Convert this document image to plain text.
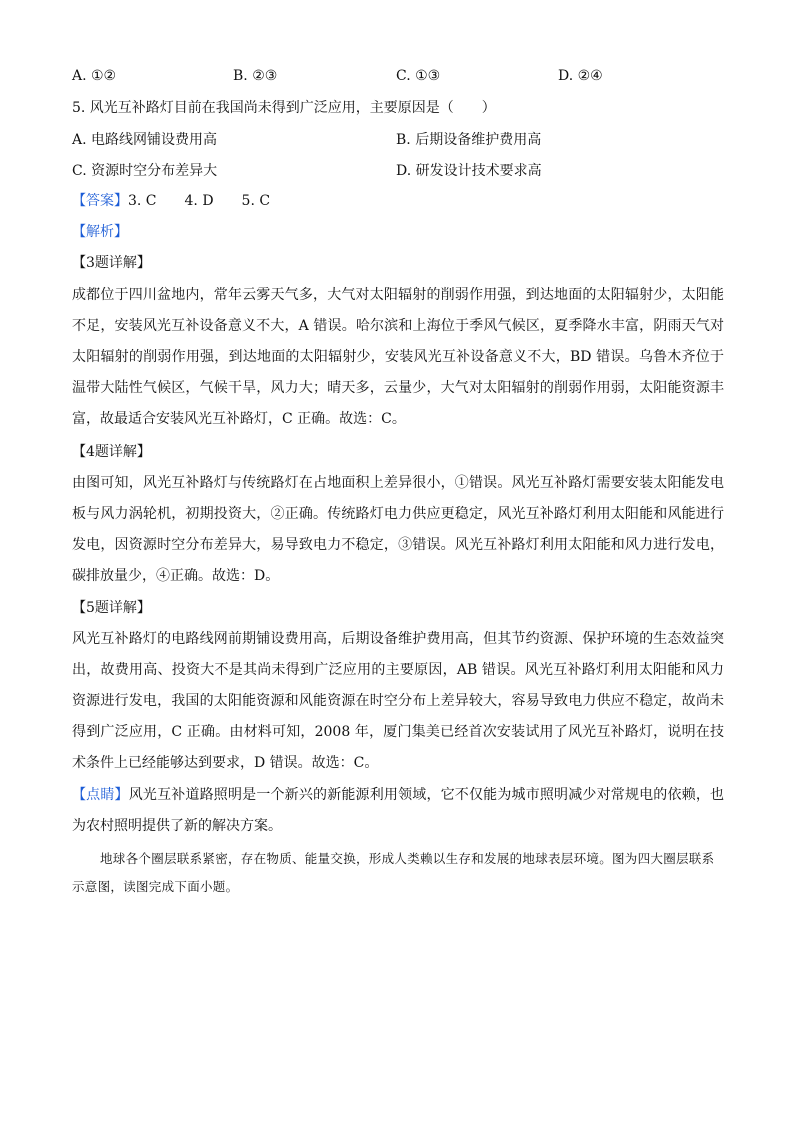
A. ①②	B. ②③	C. ①③	D. ②④
5. 风光互补路灯目前在我国尚未得到广泛应用，主要原因是（　　）
A. 电路线网铺设费用高	B. 后期设备维护费用高
C. 资源时空分布差异大	D. 研发设计技术要求高
【答案】3. C　　4. D　　5. C
【解析】
【3题详解】
成都位于四川盆地内，常年云雾天气多，大气对太阳辐射的削弱作用强，到达地面的太阳辐射少，太阳能不足，安装风光互补设备意义不大，A 错误。哈尔滨和上海位于季风气候区，夏季降水丰富，阴雨天气对太阳辐射的削弱作用强，到达地面的太阳辐射少，安装风光互补设备意义不大，BD 错误。乌鲁木齐位于温带大陆性气候区，气候干旱，风力大；晴天多，云量少，大气对太阳辐射的削弱作用弱，太阳能资源丰富，故最适合安装风光互补路灯，C 正确。故选：C。
【4题详解】
由图可知，风光互补路灯与传统路灯在占地面积上差异很小，①错误。风光互补路灯需要安装太阳能发电板与风力涡轮机，初期投资大，②正确。传统路灯电力供应更稳定，风光互补路灯利用太阳能和风能进行发电，因资源时空分布差异大，易导致电力不稳定，③错误。风光互补路灯利用太阳能和风力进行发电，碳排放量少，④正确。故选：D。
【5题详解】
风光互补路灯的电路线网前期铺设费用高，后期设备维护费用高，但其节约资源、保护环境的生态效益突出，故费用高、投资大不是其尚未得到广泛应用的主要原因，AB 错误。风光互补路灯利用太阳能和风力资源进行发电，我国的太阳能资源和风能资源在时空分布上差异较大，容易导致电力供应不稳定，故尚未得到广泛应用，C 正确。由材料可知，2008 年，厦门集美已经首次安装试用了风光互补路灯，说明在技术条件上已经能够达到要求，D 错误。故选：C。
【点睛】风光互补道路照明是一个新兴的新能源利用领域，它不仅能为城市照明减少对常规电的依赖，也为农村照明提供了新的解决方案。
地球各个圈层联系紧密，存在物质、能量交换，形成人类赖以生存和发展的地球表层环境。图为四大圈层联系示意图，读图完成下面小题。
